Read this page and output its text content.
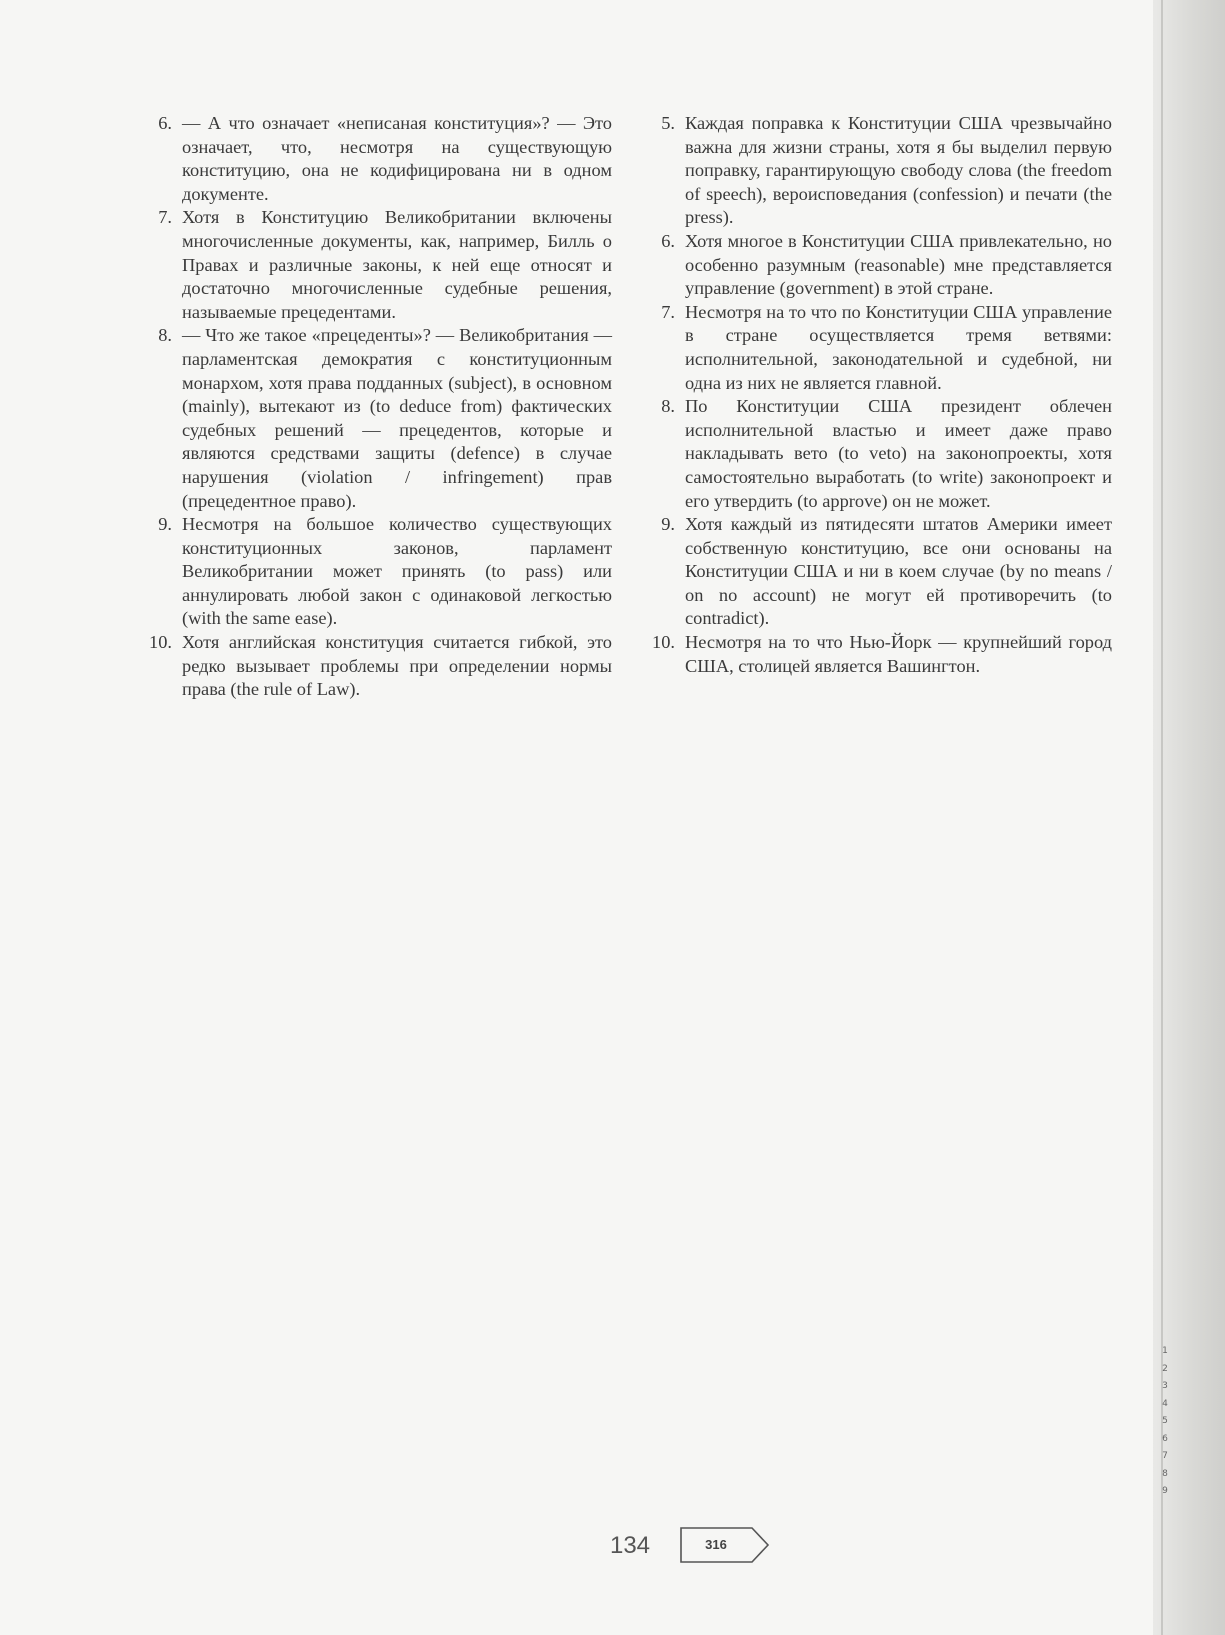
6. — А что означает «неписаная конституция»? — Это означает, что, несмотря на существующую конституцию, она не кодифицирована ни в одном документе.

7. Хотя в Конституцию Великобритании включены многочисленные документы, как, например, Билль о Правах и различные законы, к ней еще относят и достаточно многочисленные судебные решения, называемые прецедентами.

8. — Что же такое «прецеденты»? — Великобритания — парламентская демократия с конституционным монархом, хотя права подданных (subject), в основном (mainly), вытекают из (to deduce from) фактических судебных решений — прецедентов, которые и являются средствами защиты (defence) в случае нарушения (violation / infringement) прав (прецедентное право).

9. Несмотря на большое количество существующих конституционных законов, парламент Великобритании может принять (to pass) или аннулировать любой закон с одинаковой легкостью (with the same ease).

10. Хотя английская конституция считается гибкой, это редко вызывает проблемы при определении нормы права (the rule of Law).

5. Каждая поправка к Конституции США чрезвычайно важна для жизни страны, хотя я бы выделил первую поправку, гарантирующую свободу слова (the freedom of speech), вероисповедания (confession) и печати (the press).

6. Хотя многое в Конституции США привлекательно, но особенно разумным (reasonable) мне представляется управление (government) в этой стране.

7. Несмотря на то что по Конституции США управление в стране осуществляется тремя ветвями: исполнительной, законодательной и судебной, ни одна из них не является главной.

8. По Конституции США президент облечен исполнительной властью и имеет даже право накладывать вето (to veto) на законопроекты, хотя самостоятельно выработать (to write) законопроект и его утвердить (to approve) он не может.

9. Хотя каждый из пятидесяти штатов Америки имеет собственную конституцию, все они основаны на Конституции США и ни в коем случае (by no means / on no account) не могут ей противоречить (to contradict).

10. Несмотря на то что Нью-Йорк — крупнейший город США, столицей является Вашингтон.

134	316
1
2
3
4
5
6
7
8
9
